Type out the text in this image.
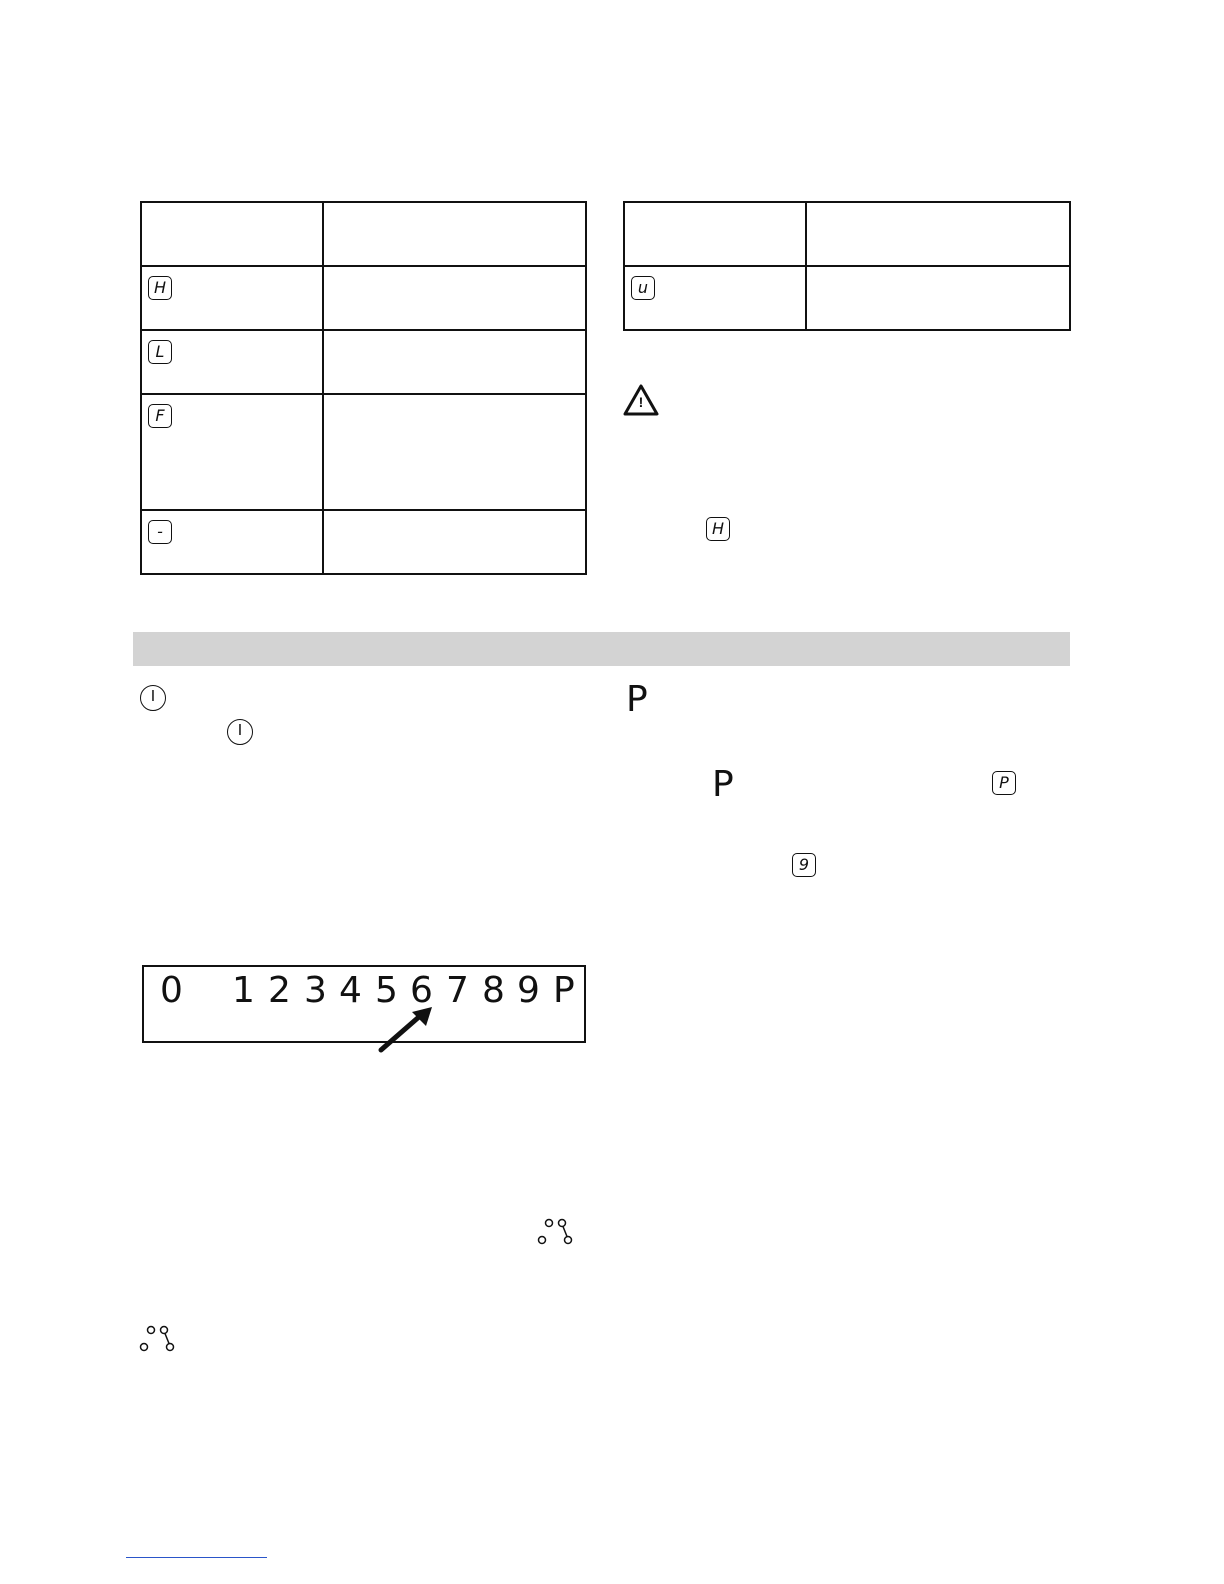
H	
L	
F	
-	

u	
!
H
I
I
0 1 2 3 4 5 6 7 8 9 P
P
P	P
9
